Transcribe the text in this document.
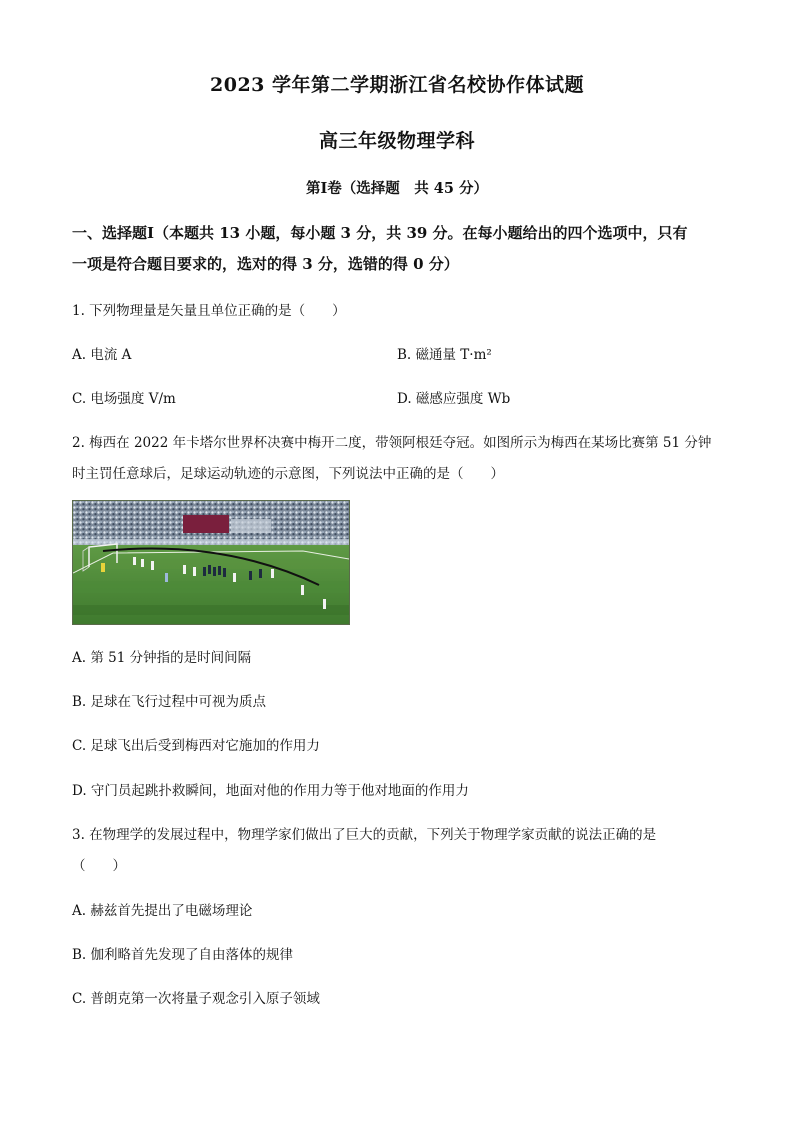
2023 学年第二学期浙江省名校协作体试题
高三年级物理学科
第Ⅰ卷（选择题　共 45 分）
一、选择题Ⅰ（本题共 13 小题，每小题 3 分，共 39 分。在每小题给出的四个选项中，只有
一项是符合题目要求的，选对的得 3 分，选错的得 0 分）
1. 下列物理量是矢量且单位正确的是（　　）
A. 电流 A	B. 磁通量 T·m²
C. 电场强度 V/m	D. 磁感应强度 Wb
2. 梅西在 2022 年卡塔尔世界杯决赛中梅开二度，带领阿根廷夺冠。如图所示为梅西在某场比赛第 51 分钟
时主罚任意球后，足球运动轨迹的示意图，下列说法中正确的是（　　）
A. 第 51 分钟指的是时间间隔
B. 足球在飞行过程中可视为质点
C. 足球飞出后受到梅西对它施加的作用力
D. 守门员起跳扑救瞬间，地面对他的作用力等于他对地面的作用力
3. 在物理学的发展过程中，物理学家们做出了巨大的贡献，下列关于物理学家贡献的说法正确的是
（　　）
A. 赫兹首先提出了电磁场理论
B. 伽利略首先发现了自由落体的规律
C. 普朗克第一次将量子观念引入原子领域
